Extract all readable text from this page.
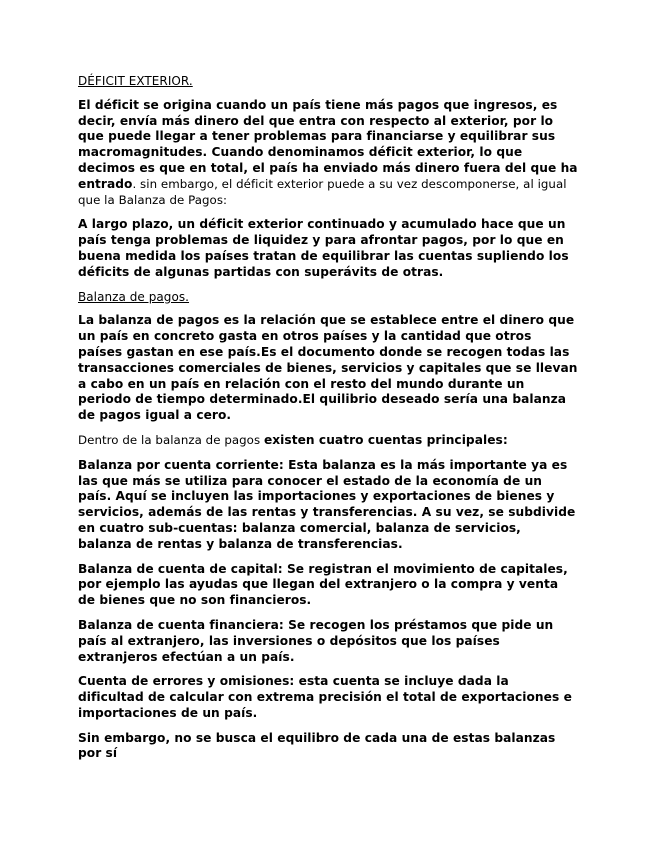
DÉFICIT EXTERIOR.

El déficit se origina cuando un país tiene más pagos que ingresos, es decir, envía más dinero del que entra con respecto al exterior, por lo que puede llegar a tener problemas para financiarse y equilibrar sus macromagnitudes. Cuando denominamos déficit exterior, lo que decimos es que en total, el país ha enviado más dinero fuera del que ha entrado. sin embargo, el déficit exterior puede a su vez descomponerse, al igual que la Balanza de Pagos:

A largo plazo, un déficit exterior continuado y acumulado hace que un país tenga problemas de liquidez y para afrontar pagos, por lo que en buena medida los países tratan de equilibrar las cuentas supliendo los déficits de algunas partidas con superávits de otras.

Balanza de pagos.

La balanza de pagos es la relación que se establece entre el dinero que un país en concreto gasta en otros países y la cantidad que otros países gastan en ese país.Es el documento donde se recogen todas las transacciones comerciales de bienes, servicios y capitales que se llevan a cabo en un país en relación con el resto del mundo durante un periodo de tiempo determinado.El quilibrio deseado sería una balanza de pagos igual a cero.

Dentro de la balanza de pagos existen cuatro cuentas principales:

Balanza por cuenta corriente: Esta balanza es la más importante ya es las que más se utiliza para conocer el estado de la economía de un país. Aquí se incluyen las importaciones y exportaciones de bienes y servicios, además de las rentas y transferencias. A su vez, se subdivide en cuatro sub-cuentas: balanza comercial, balanza de servicios, balanza de rentas y balanza de transferencias.

Balanza de cuenta de capital: Se registran el movimiento de capitales, por ejemplo las ayudas que llegan del extranjero o la compra y venta de bienes que no son financieros.

Balanza de cuenta financiera: Se recogen los préstamos que pide un país al extranjero, las inversiones o depósitos que los países extranjeros efectúan a un país.

Cuenta de errores y omisiones: esta cuenta se incluye dada la dificultad de calcular con extrema precisión el total de exportaciones e importaciones de un país.

Sin embargo, no se busca el equilibro de cada una de estas balanzas por sí
